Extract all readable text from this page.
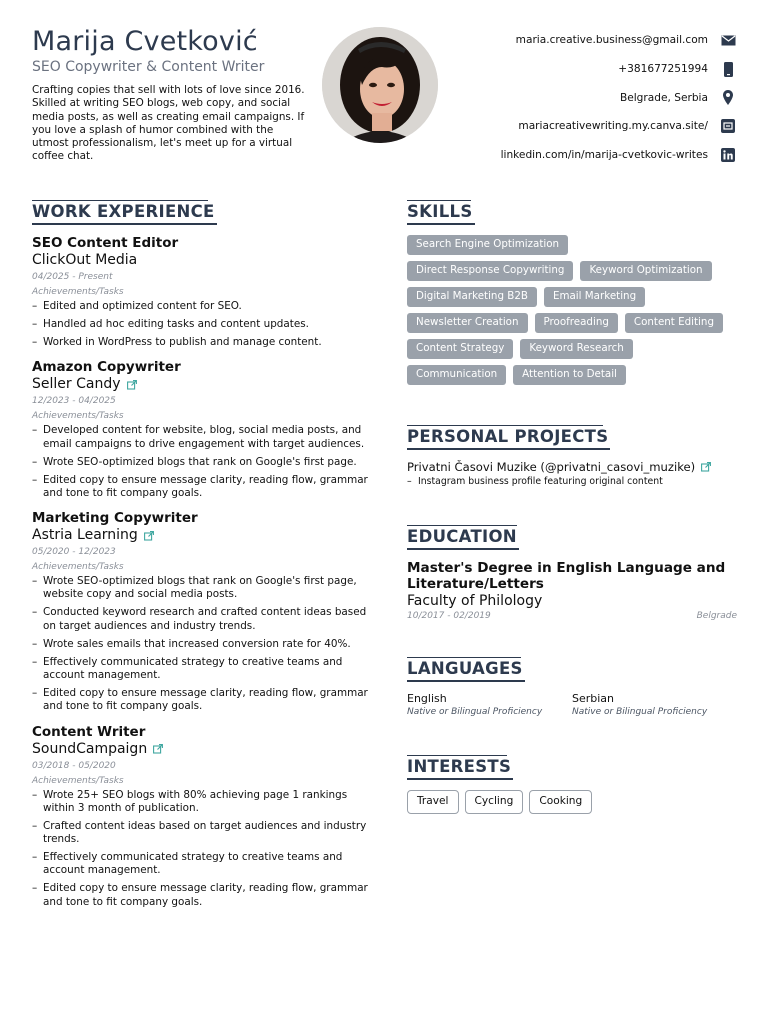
Marija Cvetković
SEO Copywriter & Content Writer
Crafting copies that sell with lots of love since 2016. Skilled at writing SEO blogs, web copy, and social media posts, as well as creating email campaigns. If you love a splash of humor combined with the utmost professionalism, let's meet up for a virtual coffee chat.
maria.creative.business@gmail.com
+381677251994
Belgrade, Serbia
mariacreativewriting.my.canva.site/
linkedin.com/in/marija-cvetkovic-writes
WORK EXPERIENCE
SEO Content Editor
ClickOut Media
04/2025 - Present
Achievements/Tasks
– Edited and optimized content for SEO.
– Handled ad hoc editing tasks and content updates.
– Worked in WordPress to publish and manage content.
Amazon Copywriter
Seller Candy
12/2023 - 04/2025
Achievements/Tasks
– Developed content for website, blog, social media posts, and email campaigns to drive engagement with target audiences.
– Wrote SEO-optimized blogs that rank on Google's first page.
– Edited copy to ensure message clarity, reading flow, grammar and tone to fit company goals.
Marketing Copywriter
Astria Learning
05/2020 - 12/2023
Achievements/Tasks
– Wrote SEO-optimized blogs that rank on Google's first page, website copy and social media posts.
– Conducted keyword research and crafted content ideas based on target audiences and industry trends.
– Wrote sales emails that increased conversion rate for 40%.
– Effectively communicated strategy to creative teams and account management.
– Edited copy to ensure message clarity, reading flow, grammar and tone to fit company goals.
Content Writer
SoundCampaign
03/2018 - 05/2020
Achievements/Tasks
– Wrote 25+ SEO blogs with 80% achieving page 1 rankings within 3 month of publication.
– Crafted content ideas based on target audiences and industry trends.
– Effectively communicated strategy to creative teams and account management.
– Edited copy to ensure message clarity, reading flow, grammar and tone to fit company goals.
SKILLS
Search Engine Optimization
Direct Response Copywriting	Keyword Optimization
Digital Marketing B2B	Email Marketing
Newsletter Creation	Proofreading	Content Editing
Content Strategy	Keyword Research
Communication	Attention to Detail
PERSONAL PROJECTS
Privatni Časovi Muzike (@privatni_casovi_muzike)
– Instagram business profile featuring original content
EDUCATION
Master's Degree in English Language and Literature/Letters
Faculty of Philology
10/2017 - 02/2019	Belgrade
LANGUAGES
English
Native or Bilingual Proficiency
Serbian
Native or Bilingual Proficiency
INTERESTS
Travel	Cycling	Cooking
